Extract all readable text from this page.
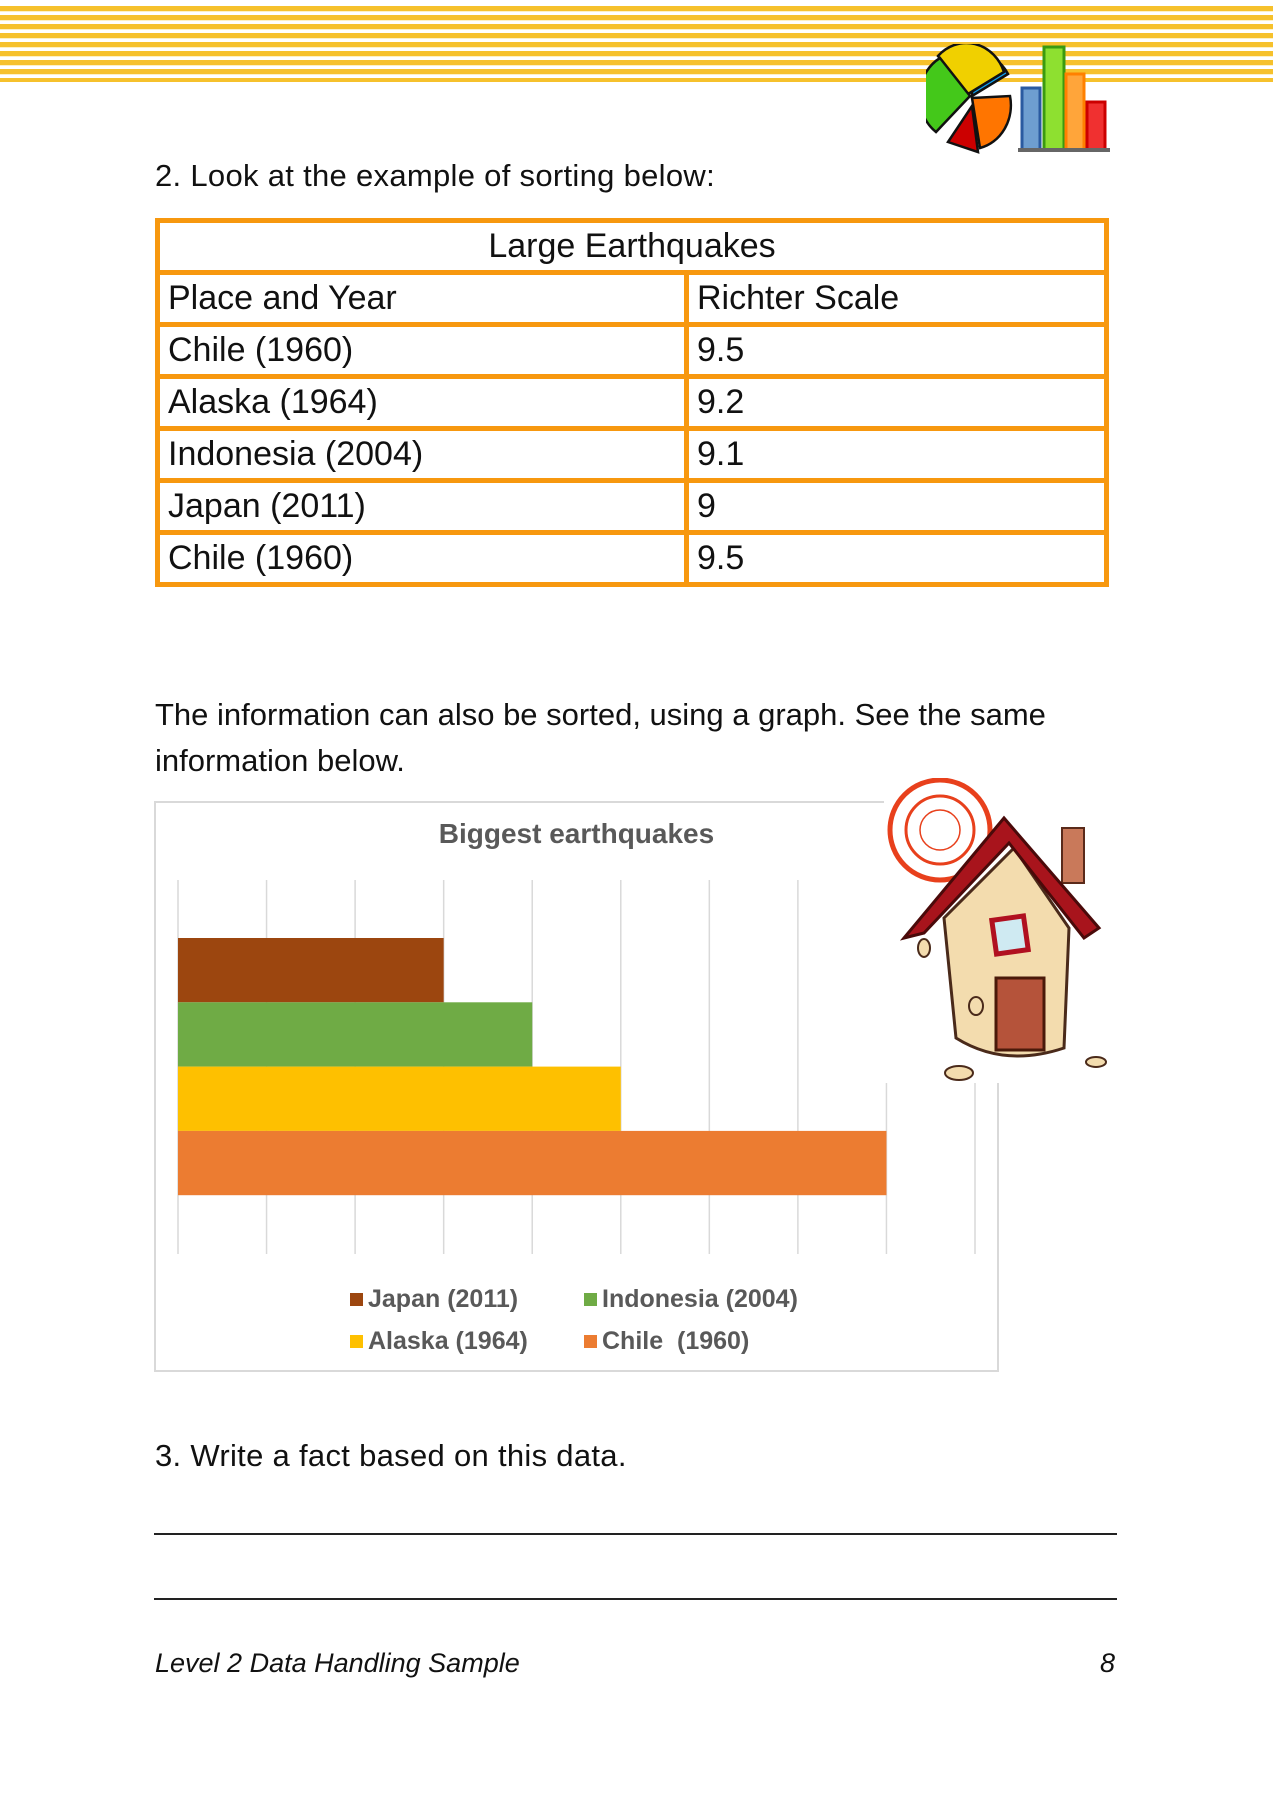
2. Look at the example of sorting below:
Large Earthquakes	
Place and Year	Richter Scale
Chile (1960)	9.5
Alaska (1964)	9.2
Indonesia (2004)	9.1
Japan (2011)	9
Chile (1960)	9.5
The information can also be sorted, using a graph. See the same information below.
Biggest earthquakes
Japan (2011)	Indonesia (2004)
Alaska (1964)	Chile  (1960)
3. Write a fact based on this data.
Level 2 Data Handling Sample	8
